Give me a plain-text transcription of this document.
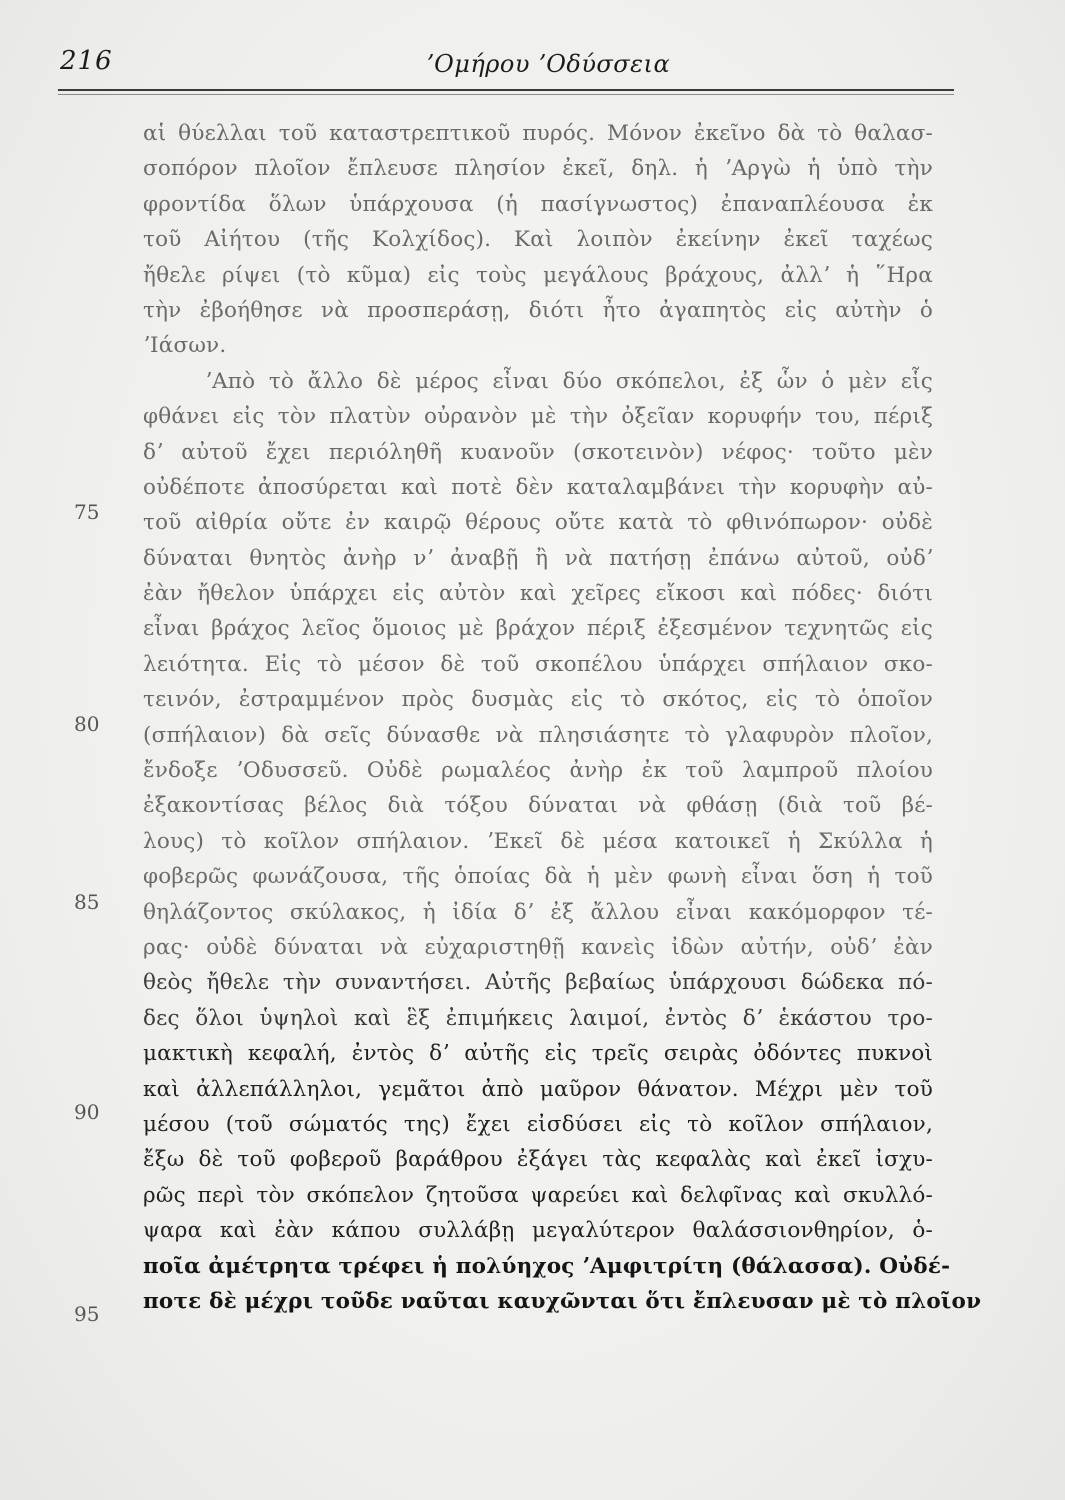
216	ʼΟμήρου ʼΟδύσσεια
75
80
85
90
95
αἱ θύελλαι τοῦ καταστρεπτικοῦ πυρός. Μόνον ἐκεῖνο δὰ τὸ θαλασ-
σοπόρον πλοῖον ἔπλευσε πλησίον ἐκεῖ, δηλ. ἡ ʼΑργὼ ἡ ὑπὸ τὴν
φροντίδα ὅλων ὑπάρχουσα (ἡ πασίγνωστος) ἐπαναπλέουσα ἐκ
τοῦ Αἰήτου (τῆς Κολχίδος). Καὶ λοιπὸν ἐκείνην ἐκεῖ ταχέως
ἤθελε ρίψει (τὸ κῦμα) εἰς τοὺς μεγάλους βράχους, ἀλλʼ ἡ ῞Ηρα
τὴν ἐβοήθησε νὰ προσπεράσῃ, διότι ἦτο ἀγαπητὸς εἰς αὐτὴν ὁ
ʼΙάσων.
ʼΑπὸ τὸ ἄλλο δὲ μέρος εἶναι δύο σκόπελοι, ἐξ ὧν ὁ μὲν εἷς
φθάνει εἰς τὸν πλατὺν οὐρανὸν μὲ τὴν ὀξεῖαν κορυφήν του, πέριξ
δʼ αὐτοῦ ἔχει περιόληθῆ κυανοῦν (σκοτεινὸν) νέφος· τοῦτο μὲν
οὐδέποτε ἀποσύρεται καὶ ποτὲ δὲν καταλαμβάνει τὴν κορυφὴν αὐ-
τοῦ αἰθρία οὔτε ἐν καιρῷ θέρους οὔτε κατὰ τὸ φθινόπωρον· οὐδὲ
δύναται θνητὸς ἀνὴρ νʼ ἀναβῇ ἢ νὰ πατήσῃ ἐπάνω αὐτοῦ, οὐδʼ
ἐὰν ἤθελον ὑπάρχει εἰς αὐτὸν καὶ χεῖρες εἴκοσι καὶ πόδες· διότι
εἶναι βράχος λεῖος ὅμοιος μὲ βράχον πέριξ ἐξεσμένον τεχνητῶς εἰς
λειότητα. Εἰς τὸ μέσον δὲ τοῦ σκοπέλου ὑπάρχει σπήλαιον σκο-
τεινόν, ἐστραμμένον πρὸς δυσμὰς εἰς τὸ σκότος, εἰς τὸ ὁποῖον
(σπήλαιον) δὰ σεῖς δύνασθε νὰ πλησιάσητε τὸ γλαφυρὸν πλοῖον,
ἔνδοξε ʼΟδυσσεῦ. Οὐδὲ ρωμαλέος ἀνὴρ ἐκ τοῦ λαμπροῦ πλοίου
ἐξακοντίσας βέλος διὰ τόξου δύναται νὰ φθάσῃ (διὰ τοῦ βέ-
λους) τὸ κοῖλον σπήλαιον. ʼΕκεῖ δὲ μέσα κατοικεῖ ἡ Σκύλλα ἡ
φοβερῶς φωνάζουσα, τῆς ὁποίας δὰ ἡ μὲν φωνὴ εἶναι ὅση ἡ τοῦ
θηλάζοντος σκύλακος, ἡ ἰδία δʼ ἐξ ἄλλου εἶναι κακόμορφον τέ-
ρας· οὐδὲ δύναται νὰ εὐχαριστηθῇ κανεὶς ἰδὼν αὐτήν, οὐδʼ ἐὰν
θεὸς ἤθελε τὴν συναντήσει. Αὐτῆς βεβαίως ὑπάρχουσι δώδεκα πό-
δες ὅλοι ὑψηλοὶ καὶ ἓξ ἐπιμήκεις λαιμοί, ἐντὸς δʼ ἑκάστου τρο-
μακτικὴ κεφαλή, ἐντὸς δʼ αὐτῆς εἰς τρεῖς σειρὰς ὀδόντες πυκνοὶ
καὶ ἀλλεπάλληλοι, γεμᾶτοι ἀπὸ μαῦρον θάνατον. Μέχρι μὲν τοῦ
μέσου (τοῦ σώματός της) ἔχει εἰσδύσει εἰς τὸ κοῖλον σπήλαιον,
ἔξω δὲ τοῦ φοβεροῦ βαράθρου ἐξάγει τὰς κεφαλὰς καὶ ἐκεῖ ἰσχυ-
ρῶς περὶ τὸν σκόπελον ζητοῦσα ψαρεύει καὶ δελφῖνας καὶ σκυλλό-
ψαρα καὶ ἐὰν κάπου συλλάβῃ μεγαλύτερον θαλάσσιονθηρίον, ὁ-
ποῖα ἀμέτρητα τρέφει ἡ πολύηχος ʼΑμφιτρίτη (θάλασσα). Οὐδέ-
ποτε δὲ μέχρι τοῦδε ναῦται καυχῶνται ὅτι ἔπλευσαν μὲ τὸ πλοῖον
